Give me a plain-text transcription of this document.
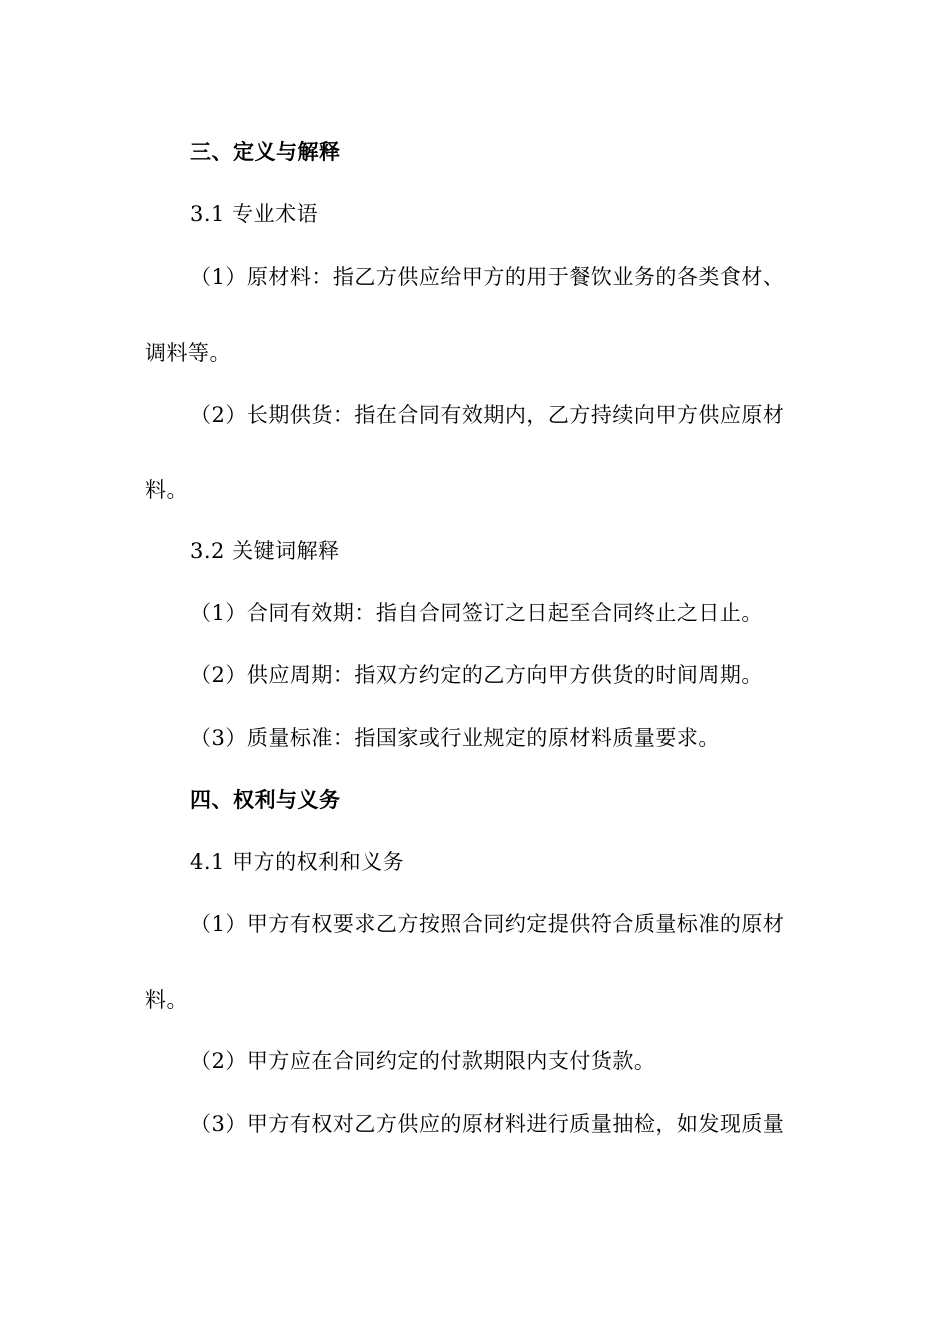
三、定义与解释
3.1 专业术语
（1）原材料：指乙方供应给甲方的用于餐饮业务的各类食材、
调料等。
（2）长期供货：指在合同有效期内，乙方持续向甲方供应原材
料。
3.2 关键词解释
（1）合同有效期：指自合同签订之日起至合同终止之日止。
（2）供应周期：指双方约定的乙方向甲方供货的时间周期。
（3）质量标准：指国家或行业规定的原材料质量要求。
四、权利与义务
4.1 甲方的权利和义务
（1）甲方有权要求乙方按照合同约定提供符合质量标准的原材
料。
（2）甲方应在合同约定的付款期限内支付货款。
（3）甲方有权对乙方供应的原材料进行质量抽检，如发现质量
